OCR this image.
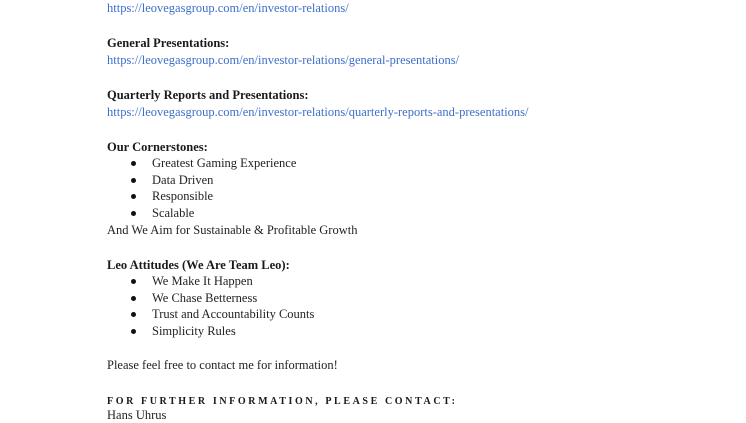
https://leovegasgroup.com/en/investor-relations/
General Presentations:
https://leovegasgroup.com/en/investor-relations/general-presentations/
Quarterly Reports and Presentations:
https://leovegasgroup.com/en/investor-relations/quarterly-reports-and-presentations/
Our Cornerstones:
Greatest Gaming Experience
Data Driven
Responsible
Scalable
And We Aim for Sustainable & Profitable Growth
Leo Attitudes (We Are Team Leo):
We Make It Happen
We Chase Betterness
Trust and Accountability Counts
Simplicity Rules
Please feel free to contact me for information!
FOR FURTHER INFORMATION, PLEASE CONTACT:
Hans Uhrus
